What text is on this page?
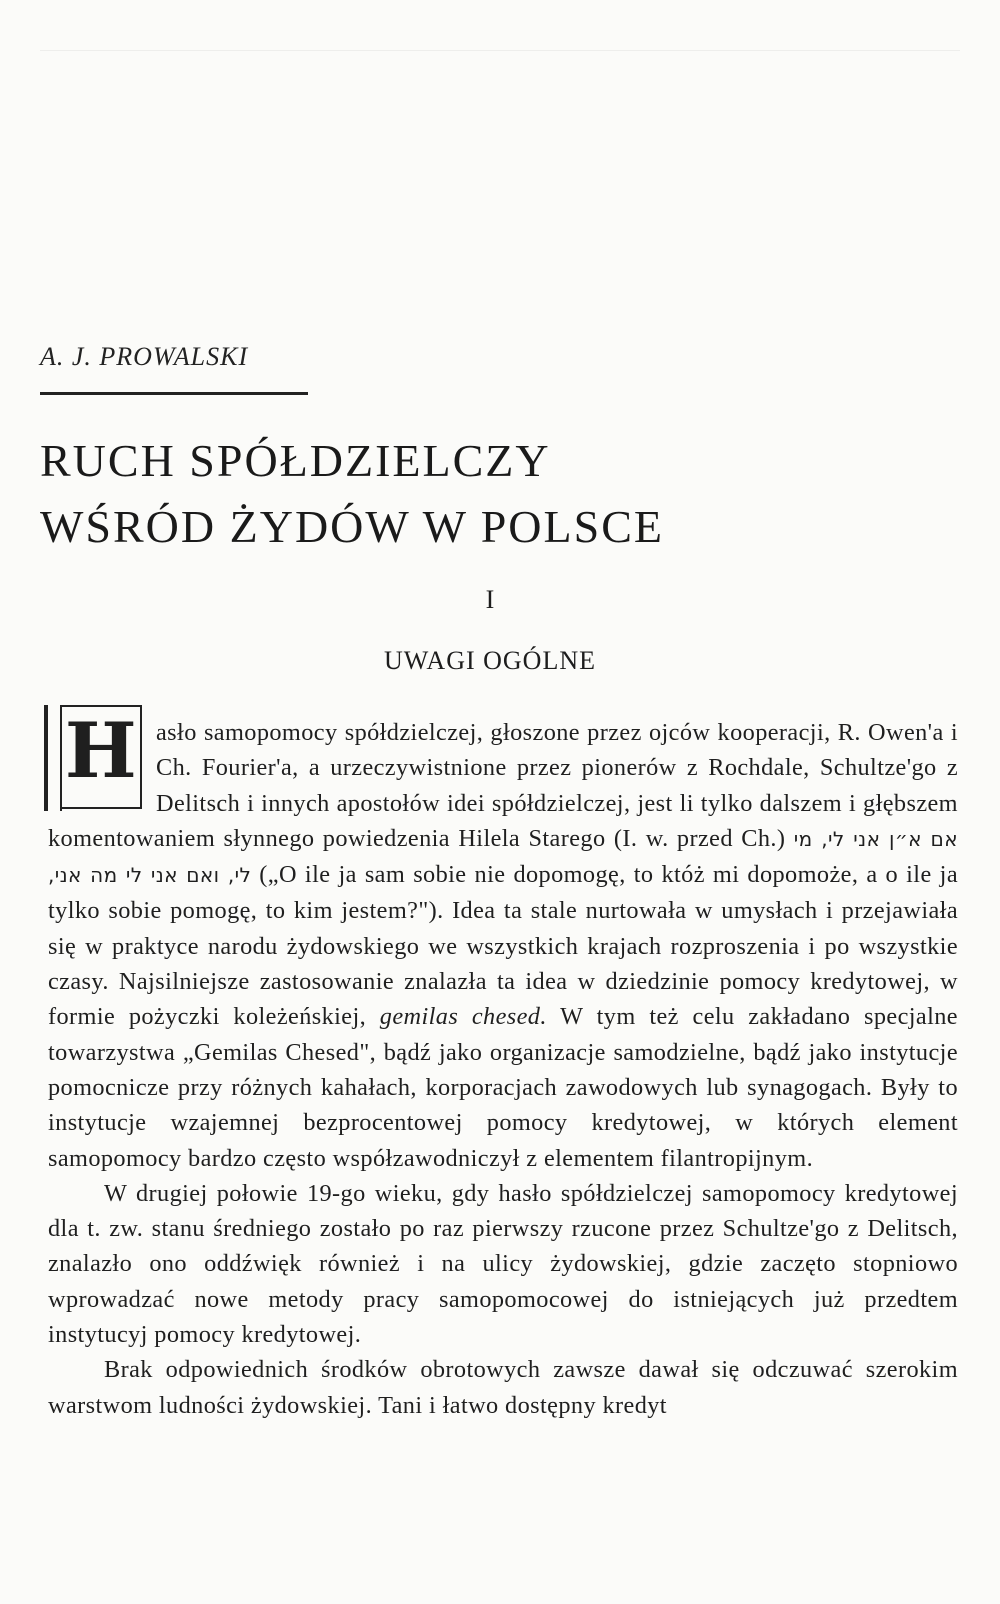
A. J. PROWALSKI
RUCH SPÓŁDZIELCZY
WŚRÓD ŻYDÓW W POLSCE
I
UWAGI OGÓLNE

H asło samopomocy spółdzielczej, głoszone przez ojców kooperacji, R. Owen'a i Ch. Fourier'a, a urzeczywistnione przez pionerów z Rochdale, Schultze'go z Delitsch i innych apostołów idei spółdzielczej, jest li tylko dalszem i głębszem komentowaniem słynnego powiedzenia Hilela Starego (I. w. przed Ch.) אם א״ן אני לי, מי לי, ואם אני לי מה אני, („O ile ja sam sobie nie dopomogę, to któż mi dopomoże, a o ile ja tylko sobie pomogę, to kim jestem?"). Idea ta stale nurtowała w umysłach i przejawiała się w praktyce narodu żydowskiego we wszystkich krajach rozproszenia i po wszystkie czasy. Najsilniejsze zastosowanie znalazła ta idea w dziedzinie pomocy kredytowej, w formie pożyczki koleżeńskiej, gemilas chesed. W tym też celu zakładano specjalne towarzystwa „Gemilas Chesed", bądź jako organizacje samodzielne, bądź jako instytucje pomocnicze przy różnych kahałach, korporacjach zawodowych lub synagogach. Były to instytucje wzajemnej bezprocentowej pomocy kredytowej, w których element samopomocy bardzo często współzawodniczył z elementem filantropijnym.

W drugiej połowie 19-go wieku, gdy hasło spółdzielczej samopomocy kredytowej dla t. zw. stanu średniego zostało po raz pierwszy rzucone przez Schultze'go z Delitsch, znalazło ono oddźwięk również i na ulicy żydowskiej, gdzie zaczęto stopniowo wprowadzać nowe metody pracy samopomocowej do istniejących już przedtem instytucyj pomocy kredytowej.

Brak odpowiednich środków obrotowych zawsze dawał się odczuwać szerokim warstwom ludności żydowskiej. Tani i łatwo dostępny kredyt
